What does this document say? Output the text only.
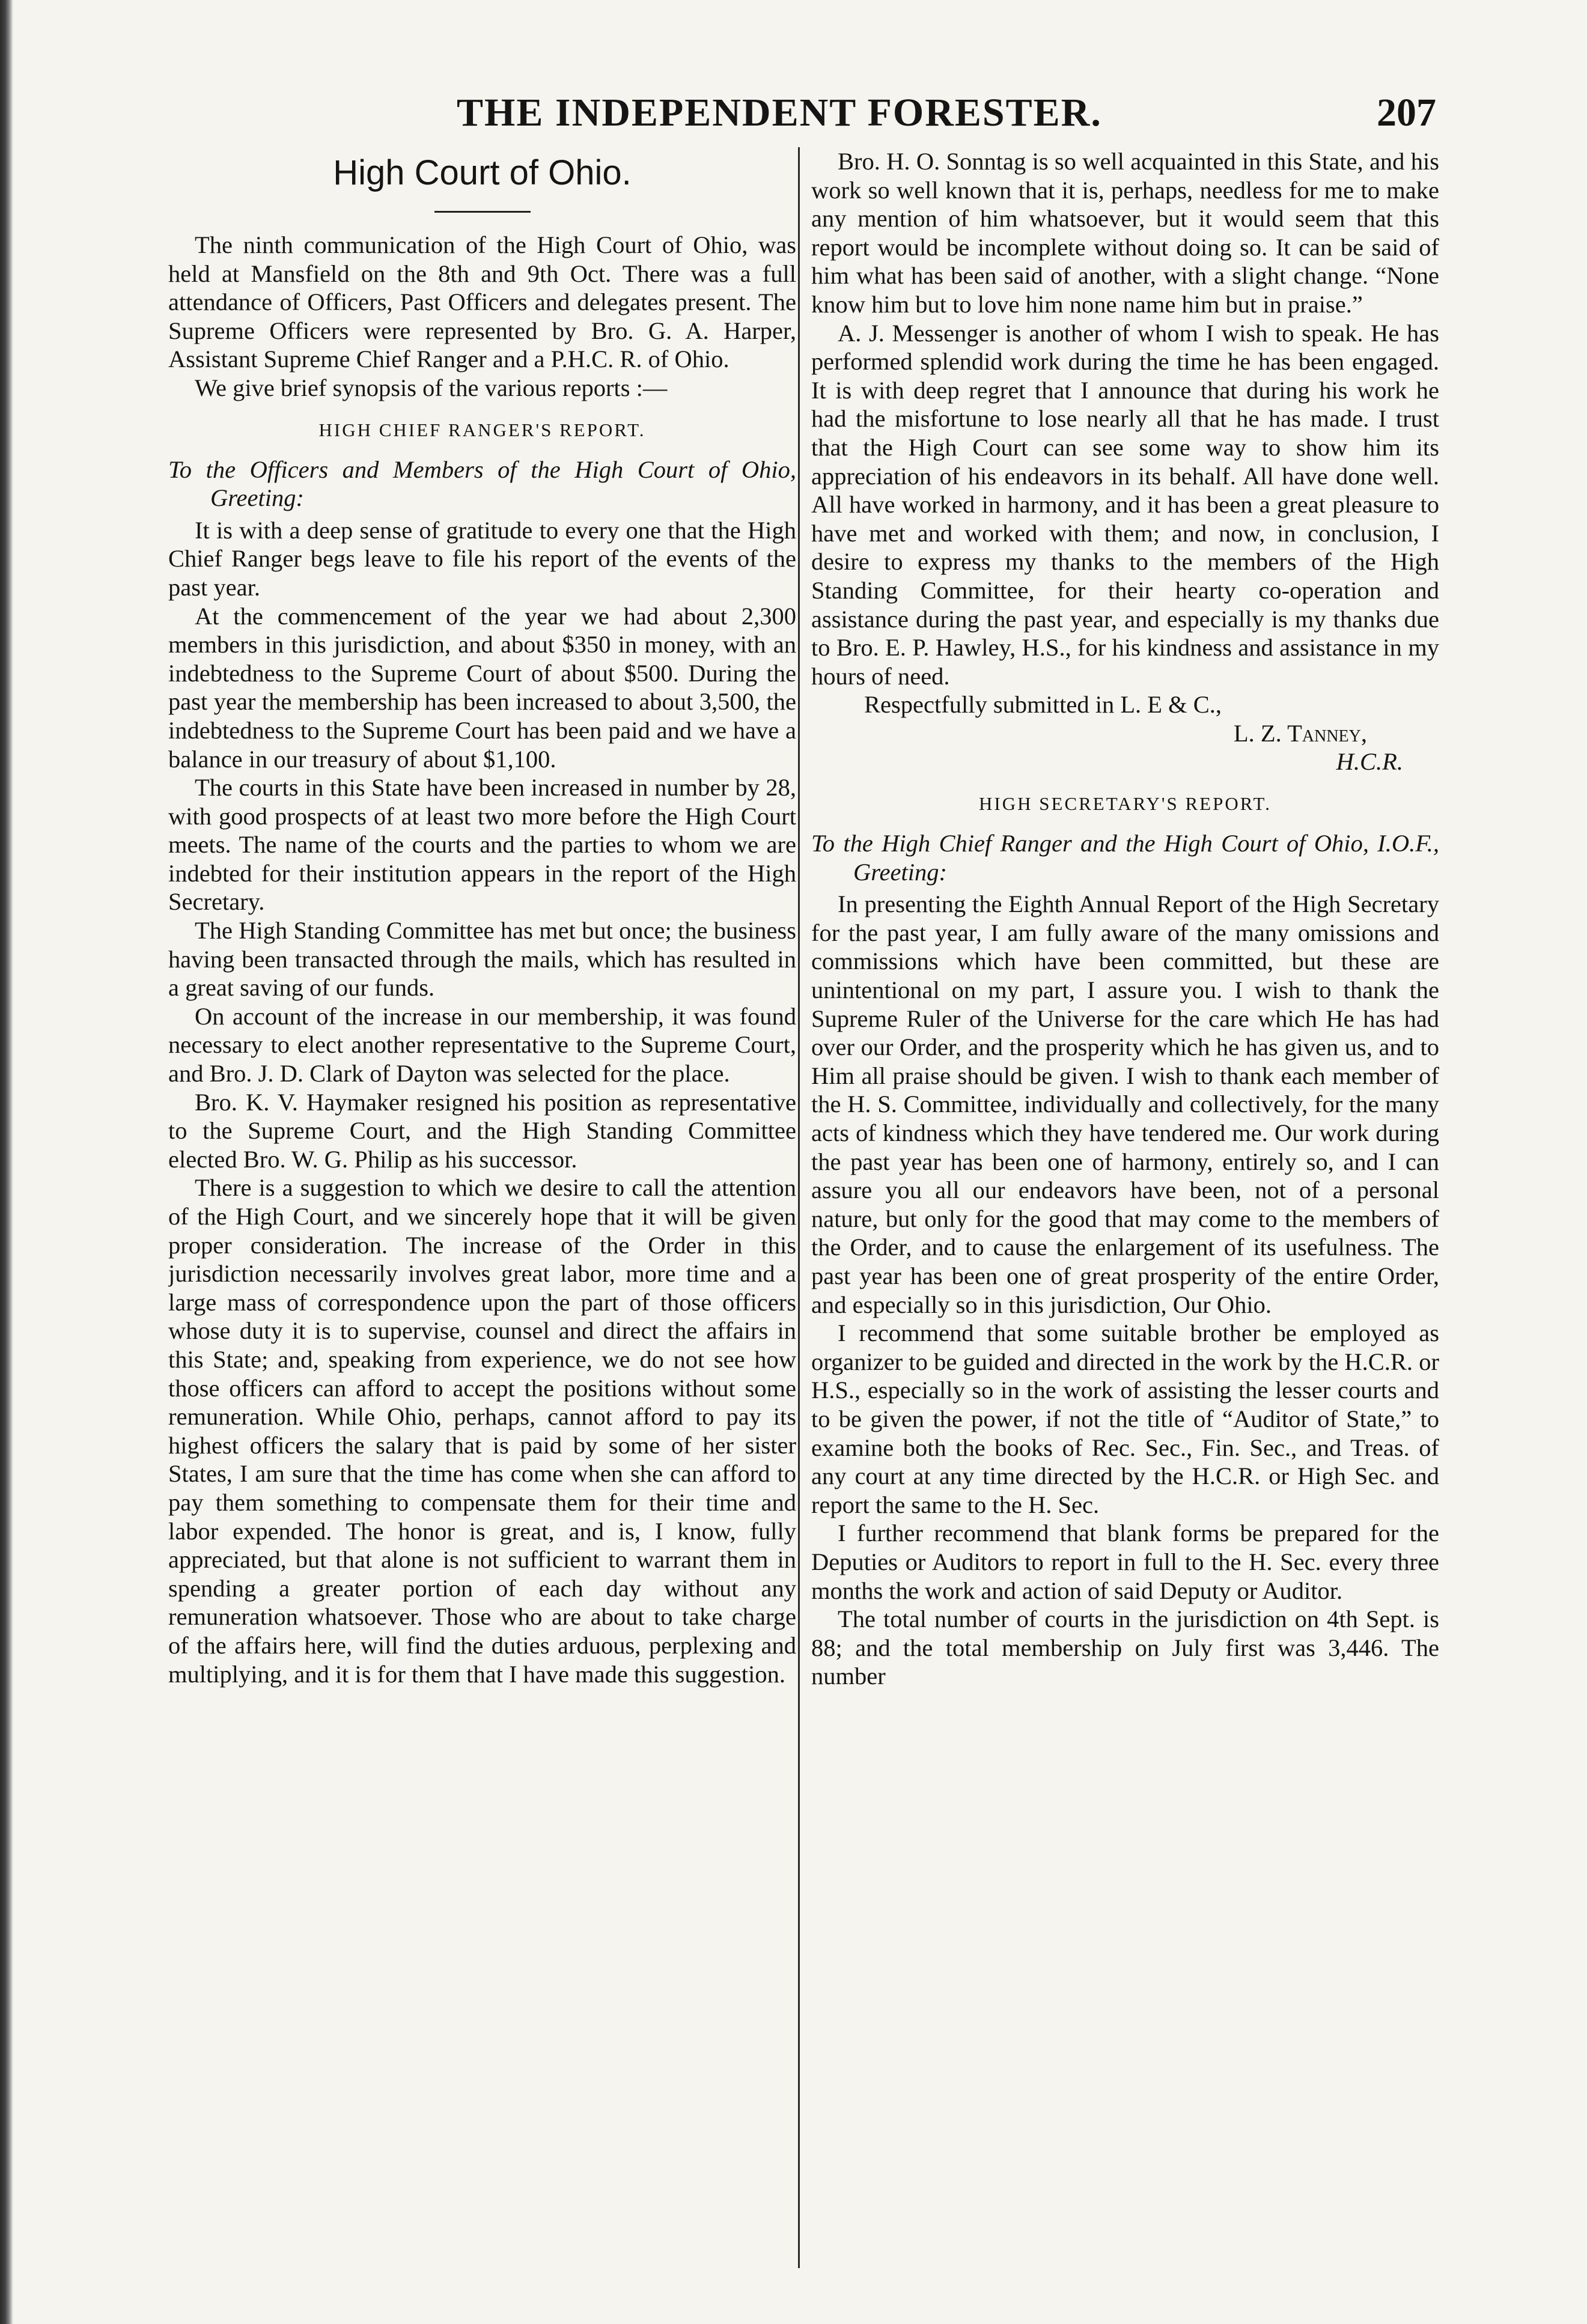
THE INDEPENDENT FORESTER.	207
High Court of Ohio.

The ninth communication of the High Court of Ohio, was held at Mansfield on the 8th and 9th Oct. There was a full attendance of Officers, Past Officers and delegates present. The Supreme Officers were represented by Bro. G. A. Harper, Assistant Supreme Chief Ranger and a P.H.C. R. of Ohio.

We give brief synopsis of the various reports :—

HIGH CHIEF RANGER'S REPORT.

To the Officers and Members of the High Court of Ohio, Greeting:

It is with a deep sense of gratitude to every one that the High Chief Ranger begs leave to file his report of the events of the past year.

At the commencement of the year we had about 2,300 members in this jurisdiction, and about $350 in money, with an indebtedness to the Supreme Court of about $500. During the past year the membership has been increased to about 3,500, the indebtedness to the Supreme Court has been paid and we have a balance in our treasury of about $1,100.

The courts in this State have been increased in number by 28, with good prospects of at least two more before the High Court meets. The name of the courts and the parties to whom we are indebted for their institution appears in the report of the High Secretary.

The High Standing Committee has met but once; the business having been transacted through the mails, which has resulted in a great saving of our funds.

On account of the increase in our membership, it was found necessary to elect another representative to the Supreme Court, and Bro. J. D. Clark of Dayton was selected for the place.

Bro. K. V. Haymaker resigned his position as representative to the Supreme Court, and the High Standing Committee elected Bro. W. G. Philip as his successor.

There is a suggestion to which we desire to call the attention of the High Court, and we sincerely hope that it will be given proper consideration. The increase of the Order in this jurisdiction necessarily involves great labor, more time and a large mass of correspondence upon the part of those officers whose duty it is to supervise, counsel and direct the affairs in this State; and, speaking from experience, we do not see how those officers can afford to accept the positions without some remuneration. While Ohio, perhaps, cannot afford to pay its highest officers the salary that is paid by some of her sister States, I am sure that the time has come when she can afford to pay them something to compensate them for their time and labor expended. The honor is great, and is, I know, fully appreciated, but that alone is not sufficient to warrant them in spending a greater portion of each day without any remuneration whatsoever. Those who are about to take charge of the affairs here, will find the duties arduous, perplexing and multiplying, and it is for them that I have made this suggestion.

Bro. H. O. Sonntag is so well acquainted in this State, and his work so well known that it is, perhaps, needless for me to make any mention of him whatsoever, but it would seem that this report would be incomplete without doing so. It can be said of him what has been said of another, with a slight change. “None know him but to love him none name him but in praise.”

A. J. Messenger is another of whom I wish to speak. He has performed splendid work during the time he has been engaged. It is with deep regret that I announce that during his work he had the misfortune to lose nearly all that he has made. I trust that the High Court can see some way to show him its appreciation of his endeavors in its behalf. All have done well. All have worked in harmony, and it has been a great pleasure to have met and worked with them; and now, in conclusion, I desire to express my thanks to the members of the High Standing Committee, for their hearty co-operation and assistance during the past year, and especially is my thanks due to Bro. E. P. Hawley, H.S., for his kindness and assistance in my hours of need.

Respectfully submitted in L. E & C.,

L. Z. Tanney,

H.C.R.

HIGH SECRETARY'S REPORT.

To the High Chief Ranger and the High Court of Ohio, I.O.F., Greeting:

In presenting the Eighth Annual Report of the High Secretary for the past year, I am fully aware of the many omissions and commissions which have been committed, but these are unintentional on my part, I assure you. I wish to thank the Supreme Ruler of the Universe for the care which He has had over our Order, and the prosperity which he has given us, and to Him all praise should be given. I wish to thank each member of the H. S. Committee, individually and collectively, for the many acts of kindness which they have tendered me. Our work during the past year has been one of harmony, entirely so, and I can assure you all our endeavors have been, not of a personal nature, but only for the good that may come to the members of the Order, and to cause the enlargement of its usefulness. The past year has been one of great prosperity of the entire Order, and especially so in this jurisdiction, Our Ohio.

I recommend that some suitable brother be employed as organizer to be guided and directed in the work by the H.C.R. or H.S., especially so in the work of assisting the lesser courts and to be given the power, if not the title of “Auditor of State,” to examine both the books of Rec. Sec., Fin. Sec., and Treas. of any court at any time directed by the H.C.R. or High Sec. and report the same to the H. Sec.

I further recommend that blank forms be prepared for the Deputies or Auditors to report in full to the H. Sec. every three months the work and action of said Deputy or Auditor.

The total number of courts in the jurisdiction on 4th Sept. is 88; and the total membership on July first was 3,446. The number
